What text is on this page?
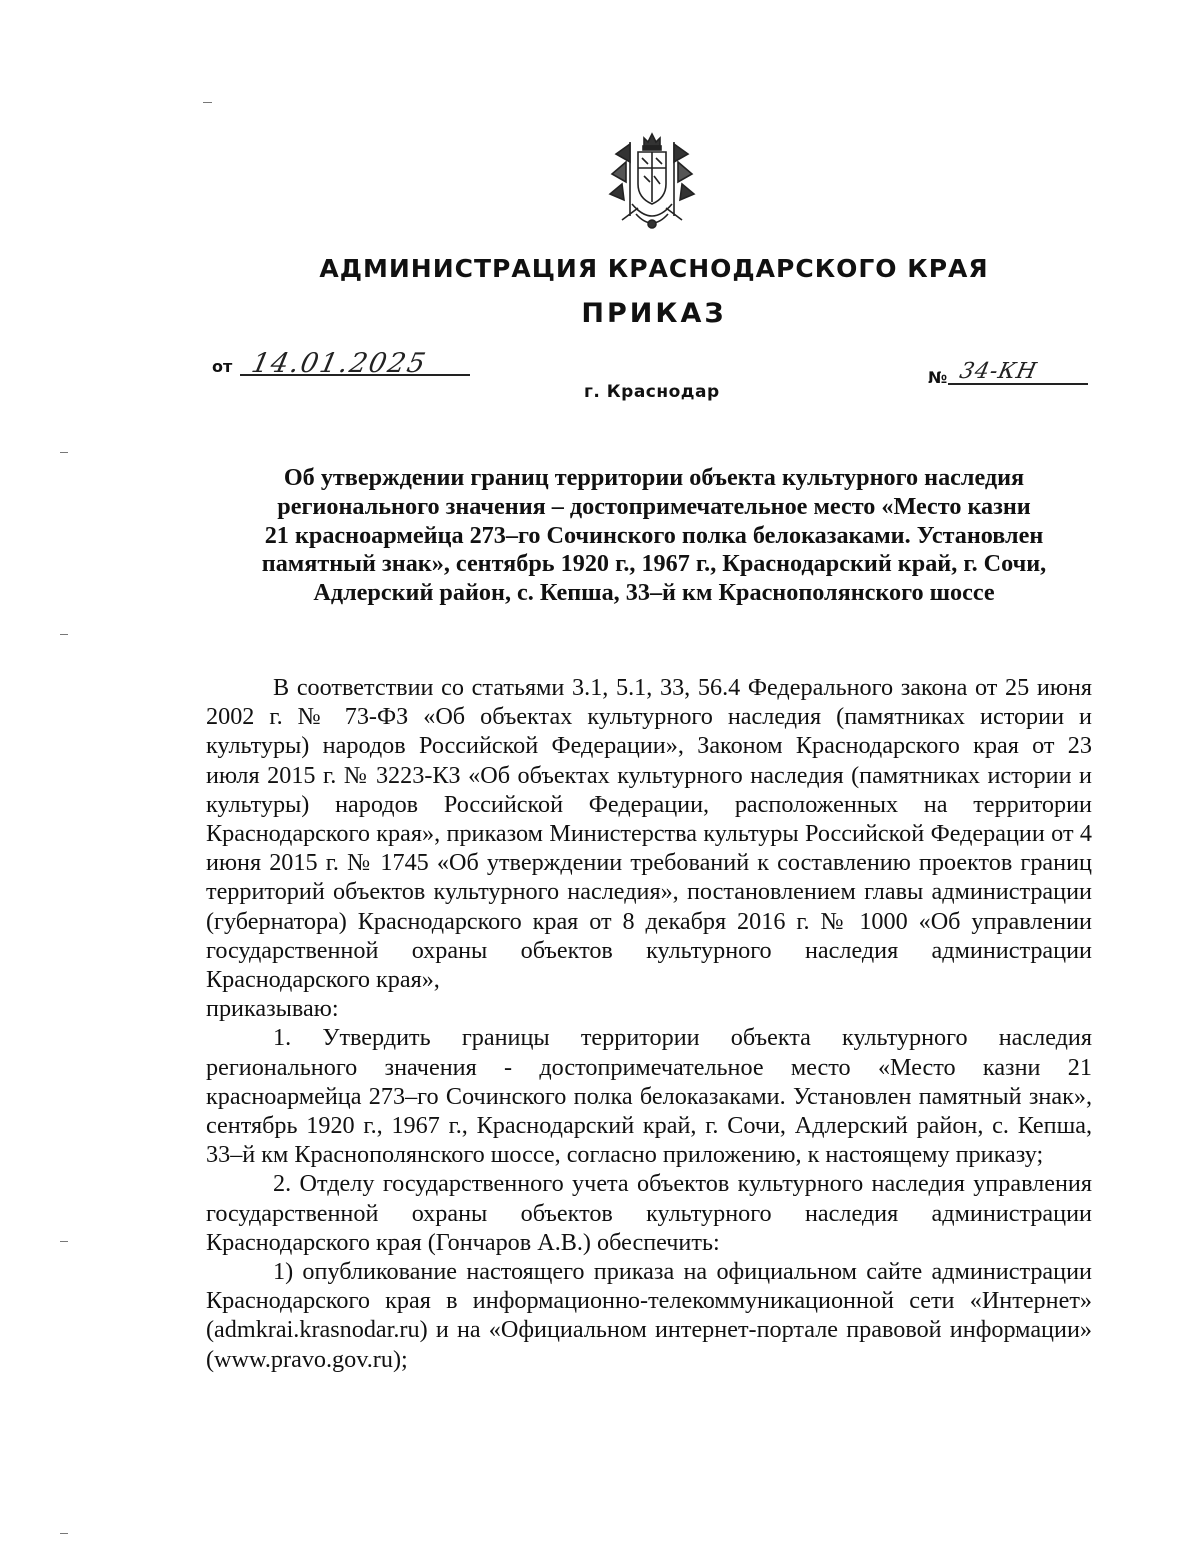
АДМИНИСТРАЦИЯ КРАСНОДАРСКОГО КРАЯ
ПРИКАЗ
от 14.01.2025
г. Краснодар
№ 34-КН
Об утверждении границ территории объекта культурного наследия
регионального значения – достопримечательное место «Место казни
21 красноармейца 273–го Сочинского полка белоказаками. Установлен
памятный знак», сентябрь 1920 г., 1967 г., Краснодарский край, г. Сочи,
Адлерский район, с. Кепша, 33–й км Краснополянского шоссе

В соответствии со статьями 3.1, 5.1, 33, 56.4 Федерального закона от 25 июня 2002 г. № 73-ФЗ «Об объектах культурного наследия (памятниках истории и культуры) народов Российской Федерации», Законом Краснодарского края от 23 июля 2015 г. № 3223-КЗ «Об объектах культурного наследия (памятниках истории и культуры) народов Российской Федерации, расположенных на территории Краснодарского края», приказом Министерства культуры Российской Федерации от 4 июня 2015 г. № 1745 «Об утверждении требований к составлению проектов границ территорий объектов культурного наследия», постановлением главы администрации (губернатора) Краснодарского края от 8 декабря 2016 г. № 1000 «Об управлении государственной охраны объектов культурного наследия администрации Краснодарского края»,

приказываю:

1. Утвердить границы территории объекта культурного наследия регионального значения - достопримечательное место «Место казни 21 красноармейца 273–го Сочинского полка белоказаками. Установлен памятный знак», сентябрь 1920 г., 1967 г., Краснодарский край, г. Сочи, Адлерский район, с. Кепша, 33–й км Краснополянского шоссе, согласно приложению, к настоящему приказу;

2. Отделу государственного учета объектов культурного наследия управления государственной охраны объектов культурного наследия администрации Краснодарского края (Гончаров А.В.) обеспечить:

1) опубликование настоящего приказа на официальном сайте администрации Краснодарского края в информационно-телекоммуникационной сети «Интернет» (admkrai.krasnodar.ru) и на «Официальном интернет-портале правовой информации» (www.pravo.gov.ru);
